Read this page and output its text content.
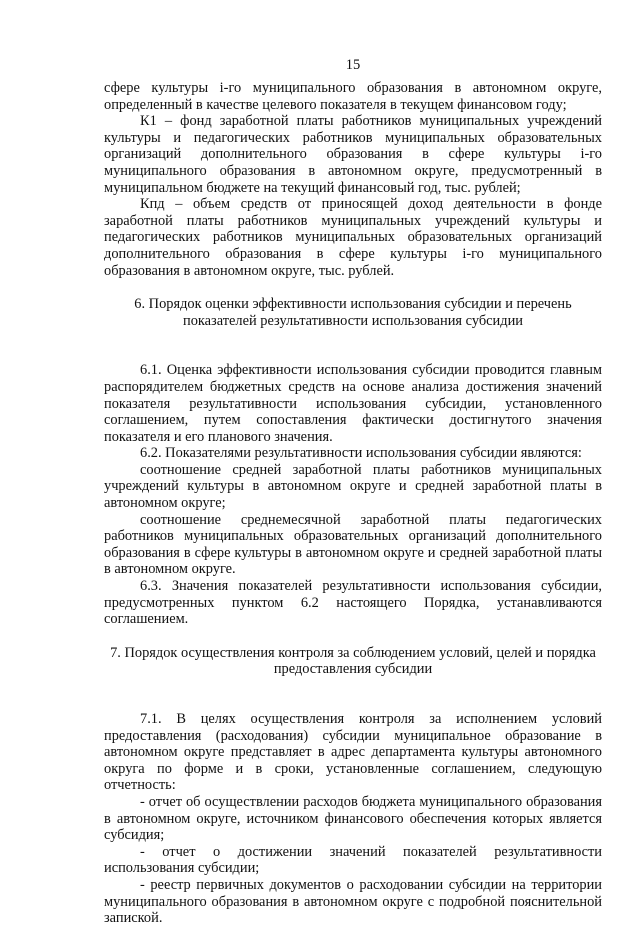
15

сфере культуры i-го муниципального образования в автономном округе, определенный в качестве целевого показателя в текущем финансовом году;

К1 – фонд заработной платы работников муниципальных учреждений культуры и педагогических работников муниципальных образовательных организаций дополнительного образования в сфере культуры i-го муниципального образования в автономном округе, предусмотренный в муниципальном бюджете на текущий финансовый год, тыс. рублей;

Кпд – объем средств от приносящей доход деятельности в фонде заработной платы работников муниципальных учреждений культуры и педагогических работников муниципальных образовательных организаций дополнительного образования в сфере культуры i-го муниципального образования в автономном округе, тыс. рублей.

6. Порядок оценки эффективности использования субсидии и перечень
показателей результативности использования субсидии

6.1. Оценка эффективности использования субсидии проводится главным распорядителем бюджетных средств на основе анализа достижения значений показателя результативности использования субсидии, установленного соглашением, путем сопоставления фактически достигнутого значения показателя и его планового значения.

6.2. Показателями результативности использования субсидии являются:

соотношение средней заработной платы работников муниципальных учреждений культуры в автономном округе и средней заработной платы в автономном округе;

соотношение среднемесячной заработной платы педагогических работников муниципальных образовательных организаций дополнительного образования в сфере культуры в автономном округе и средней заработной платы в автономном округе.

6.3. Значения показателей результативности использования субсидии, предусмотренных пунктом 6.2 настоящего Порядка, устанавливаются соглашением.

7. Порядок осуществления контроля за соблюдением условий, целей и порядка
предоставления субсидии

7.1. В целях осуществления контроля за исполнением условий предоставления (расходования) субсидии муниципальное образование в автономном округе представляет в адрес департамента культуры автономного округа по форме и в сроки, установленные соглашением, следующую отчетность:

- отчет об осуществлении расходов бюджета муниципального образования в автономном округе, источником финансового обеспечения которых является субсидия;

- отчет о достижении значений показателей результативности использования субсидии;

- реестр первичных документов о расходовании субсидии на территории муниципального образования в автономном округе с подробной пояснительной запиской.
